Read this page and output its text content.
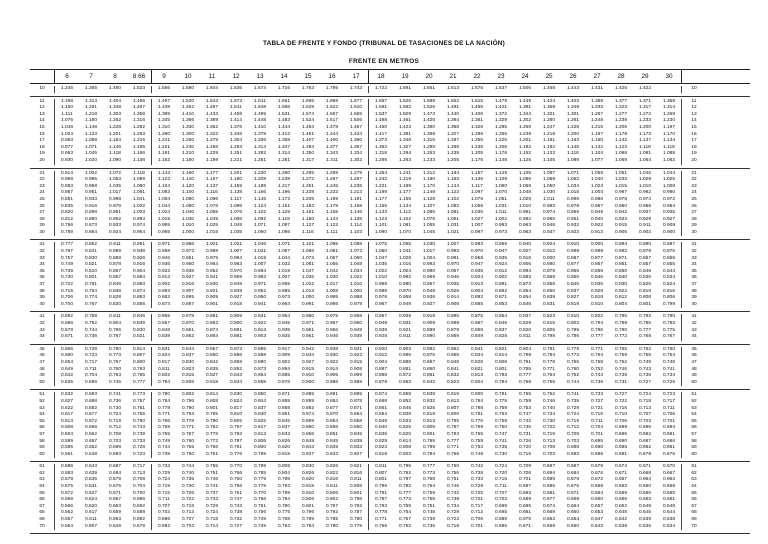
TABLA DE FRENTE Y FONDO (TRIBUNAL DE TASACIONES DE LA NACIÓN)
FRENTE EN METROS
6	7	8	8.66	9	10	11	12	13	14	15	16	17	18	19	20	21	22	23	24	25	26	27	28	29	30
10	1.245	1.365	1.460	1.523	1.556	1.580	1.604	1.636	1.674	1.716	1.763	1.795	1.743	1.722	1.691	1.651	1.613	1.575	1.537	1.506	1.468	1.443	1.431	1.425	1.422	10
11	1.198	1.313	1.404	1.455	1.497	1.520	1.543	1.573	1.611	1.651	1.695	1.689	1.677	1.657	1.626	1.588	1.552	1.515	1.479	1.449	1.424	1.403	1.388	1.377	1.371	1.368	11
12	1.150	1.261	1.348	1.407	1.438	1.462	1.487	1.511	1.548	1.586	1.629	1.622	1.610	1.591	1.562	1.526	1.491	1.455	1.421	1.391	1.368	1.348	1.333	1.323	1.317	1.314	12
13	1.111	1.218	1.303	1.359	1.389	1.410	1.433	1.459	1.495	1.531	1.574	1.567	1.555	1.537	1.509	1.473	1.440	1.406	1.372	1.344	1.321	1.301	1.287	1.277	1.272	1.269	13
14	1.076	1.180	1.262	1.316	1.345	1.366	1.389	1.414	1.448	1.483	1.524	1.517	1.506	1.488	1.461	1.426	1.394	1.361	1.329	1.302	1.280	1.261	1.248	1.238	1.233	1.230	14
15	1.048	1.148	1.228	1.282	1.310	1.330	1.352	1.376	1.410	1.444	1.484	1.478	1.467	1.450	1.423	1.390	1.358	1.326	1.295	1.268	1.247	1.228	1.215	1.206	1.200	1.197	15
16	1.024	1.123	1.201	1.253	1.280	1.300	1.322	1.346	1.378	1.412	1.451	1.444	1.434	1.417	1.391	1.358	1.327	1.296	1.265	1.239	1.218	1.200	1.187	1.178	1.173	1.170	16
17	0.993	1.089	1.164	1.215	1.241	1.260	1.279	1.304	1.336	1.368	1.407	1.400	1.390	1.373	1.348	1.316	1.287	1.256	1.226	1.201	1.181	1.163	1.150	1.142	1.137	1.134	17
18	0.977	1.071	1.146	1.195	1.221	1.240	1.256	1.283	1.314	1.347	1.384	1.377	1.367	1.352	1.327	1.295	1.266	1.235	1.206	1.182	1.162	1.145	1.132	1.123	1.118	1.116	18
19	0.953	1.045	1.118	1.166	1.191	1.210	1.229	1.251	1.282	1.314	1.350	1.343	1.334	1.318	1.294	1.263	1.235	1.205	1.176	1.152	1.133	1.116	1.104	1.096	1.091	1.088	19
20	0.930	1.020	1.090	1.138	1.162	1.180	1.199	1.221	1.251	1.281	1.317	1.311	1.302	1.286	1.263	1.233	1.205	1.176	1.148	1.125	1.105	1.089	1.077	1.069	1.064	1.062	20
21	0.914	1.002	1.072	1.118	1.143	1.160	1.177	1.201	1.230	1.260	1.295	1.289	1.279	1.264	1.241	1.212	1.184	1.157	1.129	1.105	1.087	1.071	1.059	1.051	1.046	1.044	21
22	0.898	0.985	1.053	1.099	1.123	1.140	1.157	1.180	1.208	1.238	1.272	1.267	1.257	1.242	1.219	1.190	1.163	1.136	1.109	1.086	1.068	1.052	1.040	1.033	1.028	1.025	22
23	0.883	0.968	1.035	1.080	1.104	1.120	1.137	1.159	1.188	1.217	1.251	1.245	1.236	1.221	1.199	1.170	1.144	1.117	1.090	1.068	1.050	1.034	1.023	1.015	1.010	1.008	23
24	0.867	0.951	1.017	1.061	1.083	1.100	1.116	1.138	1.166	1.196	1.228	1.222	1.213	1.199	1.177	1.149	1.123	1.097	1.070	1.048	1.030	1.015	1.004	0.997	0.992	0.990	24
25	0.851	0.933	0.998	1.041	1.064	1.080	1.096	1.117	1.145	1.173	1.205	1.199	1.191	1.177	1.155	1.128	1.102	1.076	1.051	1.029	1.011	0.996	0.986	0.978	0.974	0.972	25
26	0.835	0.916	0.979	1.022	1.044	1.060	1.076	1.096	1.124	1.151	1.183	1.178	1.168	1.155	1.134	1.107	1.082	1.056	1.031	1.010	0.993	0.978	0.967	0.960	0.956	0.954	26
27	0.820	0.899	0.961	1.003	1.024	1.040	1.055	1.076	1.102	1.129	1.161	1.155	1.146	1.133	1.112	1.086	1.061	1.036	1.011	0.991	0.974	0.959	0.949	0.942	0.937	0.935	27
28	0.812	0.890	0.952	0.993	1.015	1.030	1.045	1.066	1.092	1.119	1.150	1.144	1.136	1.123	1.102	1.076	1.051	1.027	1.002	0.982	0.965	0.951	0.940	0.933	0.929	0.927	28
29	0.796	0.873	0.933	0.974	0.995	1.010	1.025	1.045	1.071	1.097	1.127	1.122	1.114	1.101	1.081	1.055	1.031	1.007	0.983	0.963	0.946	0.932	0.922	0.915	0.911	0.909	29
30	0.789	0.864	0.924	0.964	0.985	1.000	1.015	1.035	1.060	1.086	1.116	1.111	1.103	1.090	1.070	1.045	1.021	0.997	0.973	0.953	0.937	0.923	0.913	0.906	0.902	0.900	30
31	0.777	0.852	0.911	0.951	0.971	0.986	1.001	1.021	1.046	1.071	1.101	1.095	1.088	1.075	1.055	1.030	1.007	0.983	0.959	0.940	0.924	0.910	0.900	0.894	0.890	0.887	31
32	0.767	0.841	0.899	0.938	0.958	0.973	0.988	1.007	1.031	1.057	1.086	1.081	1.073	1.060	1.041	1.017	0.993	0.970	0.947	0.927	0.912	0.898	0.888	0.882	0.878	0.875	32
33	0.757	0.830	0.888	0.926	0.946	0.961	0.975	0.994	1.019	1.044	1.073	1.067	1.060	1.047	1.028	1.004	0.981	0.958	0.935	0.916	0.900	0.887	0.877	0.871	0.867	0.865	33
34	0.749	0.821	0.878	0.916	0.936	0.950	0.964	0.983	1.007	1.032	1.061	1.056	1.048	1.035	1.016	0.993	0.970	0.947	0.924	0.906	0.890	0.877	0.867	0.861	0.857	0.855	34
35	0.739	0.810	0.867	0.904	0.923	0.938	0.952	0.970	0.994	1.019	1.047	1.042	1.034	1.022	1.004	0.980	0.957	0.935	0.912	0.894	0.879	0.866	0.856	0.850	0.846	0.844	35
36	0.730	0.801	0.857	0.894	0.913	0.927	0.941	0.959	0.983	1.007	1.035	1.030	1.022	1.010	0.992	0.969	0.946	0.924	0.902	0.883	0.868	0.856	0.846	0.840	0.836	0.834	36
37	0.722	0.791	0.846	0.883	0.902	0.916	0.930	0.948	0.971	0.995	1.022	1.017	1.010	0.998	0.980	0.957	0.935	0.913	0.891	0.873	0.858	0.846	0.836	0.830	0.826	0.824	37
38	0.715	0.784	0.838	0.874	0.893	0.907	0.921	0.939	0.962	0.985	1.013	1.008	1.000	0.988	0.970	0.948	0.926	0.904	0.882	0.864	0.850	0.837	0.828	0.822	0.818	0.816	38
39	0.706	0.774	0.828	0.863	0.882	0.895	0.909	0.927	0.950	0.973	1.000	0.995	0.988	0.976	0.958	0.936	0.914	0.893	0.871	0.854	0.839	0.827	0.818	0.812	0.808	0.806	39
40	0.700	0.767	0.820	0.856	0.874	0.887	0.901	0.918	0.941	0.964	0.991	0.986	0.979	0.967	0.949	0.927	0.906	0.885	0.863	0.846	0.831	0.819	0.810	0.804	0.801	0.799	40
41	0.692	0.759	0.811	0.846	0.865	0.878	0.891	0.909	0.931	0.954	0.980	0.975	0.968	0.957	0.939	0.918	0.896	0.875	0.854	0.837	0.823	0.810	0.802	0.796	0.792	0.790	41
42	0.686	0.752	0.804	0.839	0.857	0.870	0.883	0.900	0.922	0.945	0.971	0.967	0.960	0.948	0.931	0.909	0.888	0.867	0.846	0.829	0.815	0.803	0.794	0.788	0.785	0.783	42
43	0.679	0.744	0.796	0.830	0.848	0.861	0.874	0.891	0.913	0.935	0.961	0.956	0.949	0.938	0.921	0.899	0.879	0.858	0.837	0.820	0.806	0.795	0.786	0.780	0.777	0.775	43
44	0.671	0.736	0.787	0.821	0.839	0.852	0.864	0.881	0.903	0.925	0.951	0.946	0.939	0.928	0.911	0.890	0.869	0.849	0.828	0.811	0.798	0.786	0.777	0.772	0.768	0.767	44
45	0.665	0.729	0.780	0.814	0.831	0.844	0.857	0.873	0.895	0.917	0.942	0.938	0.931	0.920	0.903	0.882	0.862	0.841	0.821	0.804	0.791	0.779	0.771	0.765	0.762	0.760	45
46	0.660	0.723	0.773	0.807	0.824	0.837	0.850	0.866	0.888	0.909	0.934	0.930	0.923	0.912	0.896	0.875	0.855	0.834	0.814	0.798	0.784	0.773	0.764	0.759	0.755	0.754	46
47	0.654	0.717	0.767	0.800	0.817	0.830	0.842	0.859	0.880	0.902	0.927	0.922	0.915	0.904	0.888	0.867	0.848	0.828	0.808	0.791	0.778	0.766	0.758	0.752	0.749	0.748	47
48	0.649	0.711	0.760	0.793	0.811	0.823	0.835	0.852	0.873	0.894	0.919	0.914	0.908	0.897	0.881	0.860	0.841	0.821	0.801	0.785	0.771	0.760	0.752	0.746	0.743	0.741	48
49	0.642	0.704	0.753	0.785	0.802	0.815	0.827	0.843	0.864	0.885	0.910	0.905	0.899	0.888	0.872	0.851	0.832	0.813	0.793	0.777	0.764	0.752	0.744	0.739	0.736	0.734	49
50	0.635	0.696	0.745	0.777	0.794	0.806	0.818	0.834	0.855	0.876	0.900	0.896	0.889	0.879	0.863	0.842	0.823	0.804	0.784	0.768	0.755	0.744	0.736	0.731	0.727	0.726	50
51	0.632	0.693	0.741	0.773	0.790	0.802	0.814	0.830	0.850	0.871	0.895	0.891	0.885	0.874	0.858	0.838	0.819	0.800	0.781	0.765	0.752	0.741	0.733	0.727	0.724	0.723	51
52	0.627	0.688	0.736	0.767	0.784	0.796	0.808	0.824	0.844	0.865	0.889	0.884	0.878	0.868	0.852	0.832	0.813	0.794	0.775	0.759	0.746	0.735	0.727	0.722	0.718	0.717	52
53	0.622	0.682	0.730	0.761	0.778	0.790	0.801	0.817	0.837	0.858	0.882	0.877	0.871	0.861	0.845	0.825	0.807	0.788	0.769	0.753	0.740	0.729	0.721	0.716	0.713	0.711	53
54	0.617	0.677	0.724	0.755	0.771	0.783	0.795	0.810	0.830	0.851	0.874	0.870	0.864	0.854	0.838	0.819	0.800	0.781	0.763	0.747	0.734	0.724	0.716	0.710	0.707	0.706	54
55	0.613	0.672	0.719	0.750	0.766	0.778	0.790	0.805	0.825	0.845	0.869	0.864	0.858	0.848	0.833	0.813	0.795	0.776	0.758	0.742	0.730	0.719	0.711	0.706	0.703	0.701	55
56	0.608	0.666	0.712	0.743	0.759	0.771	0.782	0.797	0.817	0.837	0.860	0.856	0.850	0.840	0.825	0.805	0.787	0.769	0.750	0.735	0.722	0.712	0.704	0.699	0.696	0.694	56
57	0.604	0.662	0.708	0.739	0.755	0.767	0.778	0.793	0.813	0.833	0.856	0.851	0.845	0.836	0.820	0.801	0.783	0.765	0.747	0.731	0.719	0.708	0.701	0.696	0.692	0.691	57
58	0.599	0.657	0.703	0.733	0.749	0.760	0.772	0.787	0.806	0.826	0.849	0.845	0.839	0.829	0.814	0.795	0.777	0.759	0.741	0.726	0.713	0.703	0.695	0.690	0.687	0.686	58
59	0.595	0.652	0.698	0.728	0.744	0.755	0.766	0.781	0.800	0.820	0.843	0.839	0.833	0.823	0.808	0.789	0.771	0.753	0.735	0.720	0.708	0.698	0.690	0.685	0.682	0.681	59
60	0.591	0.648	0.693	0.723	0.738	0.750	0.761	0.776	0.795	0.815	0.837	0.833	0.827	0.818	0.803	0.784	0.766	0.748	0.730	0.716	0.703	0.693	0.686	0.681	0.678	0.676	60
61	0.586	0.643	0.687	0.717	0.733	0.744	0.755	0.770	0.789	0.808	0.830	0.826	0.821	0.811	0.796	0.777	0.760	0.742	0.724	0.709	0.697	0.687	0.679	0.674	0.671	0.670	61
62	0.583	0.639	0.684	0.713	0.729	0.740	0.751	0.766	0.785	0.804	0.826	0.822	0.816	0.807	0.792	0.773	0.756	0.738	0.720	0.706	0.694	0.684	0.676	0.671	0.668	0.667	62
63	0.579	0.635	0.679	0.708	0.724	0.735	0.746	0.760	0.779	0.798	0.820	0.816	0.811	0.801	0.787	0.768	0.751	0.733	0.716	0.701	0.689	0.679	0.672	0.667	0.664	0.663	63
64	0.575	0.631	0.675	0.704	0.719	0.730	0.741	0.756	0.775	0.793	0.815	0.811	0.806	0.796	0.782	0.764	0.746	0.729	0.711	0.697	0.685	0.675	0.668	0.663	0.660	0.658	64
65	0.572	0.627	0.671	0.700	0.715	0.726	0.737	0.751	0.770	0.789	0.810	0.806	0.801	0.791	0.777	0.759	0.742	0.725	0.707	0.693	0.681	0.671	0.664	0.659	0.656	0.655	65
66	0.569	0.624	0.667	0.696	0.711	0.722	0.733	0.747	0.766	0.784	0.806	0.802	0.796	0.787	0.773	0.755	0.738	0.721	0.703	0.689	0.677	0.668	0.660	0.656	0.653	0.651	66
67	0.566	0.620	0.663	0.692	0.707	0.718	0.729	0.743	0.761	0.780	0.801	0.797	0.792	0.783	0.769	0.751	0.734	0.717	0.699	0.685	0.674	0.664	0.657	0.652	0.649	0.648	67
68	0.562	0.617	0.659	0.688	0.702	0.713	0.724	0.738	0.756	0.775	0.796	0.792	0.787	0.778	0.764	0.746	0.729	0.712	0.695	0.681	0.669	0.660	0.653	0.648	0.645	0.644	68
69	0.557	0.611	0.653	0.682	0.696	0.707	0.718	0.732	0.749	0.768	0.789	0.785	0.780	0.771	0.757	0.739	0.723	0.706	0.689	0.675	0.663	0.654	0.647	0.642	0.639	0.638	69
70	0.554	0.607	0.649	0.678	0.692	0.703	0.714	0.727	0.745	0.763	0.784	0.780	0.775	0.766	0.752	0.735	0.718	0.701	0.685	0.671	0.659	0.650	0.643	0.638	0.635	0.634	70
